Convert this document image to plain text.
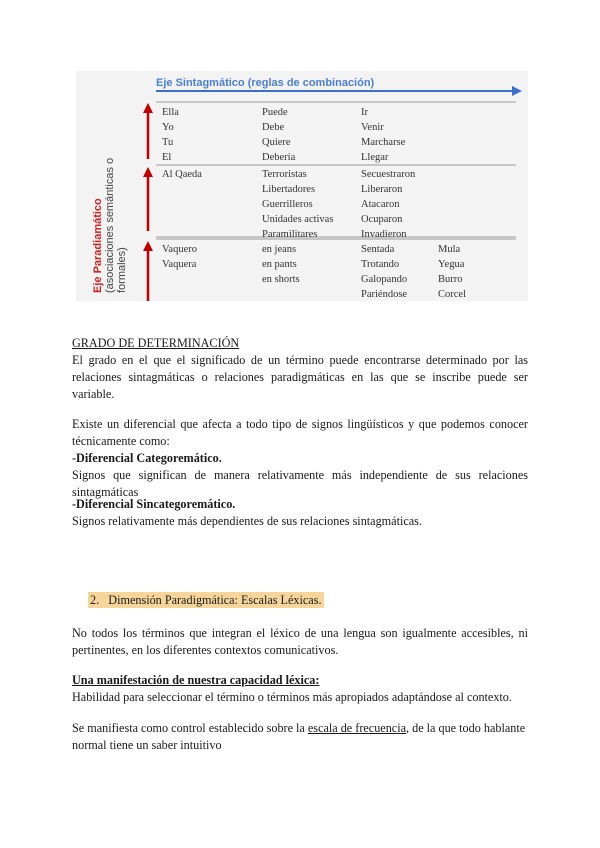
Eje Sintagmático (reglas de combinación)
Eje Paradiamático (asociaciones semánticas o formales)
Ella
Yo
Tu
El
Puede
Debe
Quiere
Debería
Ir
Venir
Marcharse
Llegar
Al Qaeda	Terroristas
Libertadores
Guerrilleros
Unidades activas
Paramilitares
Secuestraron
Liberaron
Atacaron
Ocuparon
Invadieron
Vaquero
Vaquera
en jeans
en pants
en shorts
Sentada
Trotando
Galopando
Pariéndose
Mula
Yegua
Burro
Corcel
GRADO DE DETERMINACIÓN
El grado en el que el significado de un término puede encontrarse determinado por las relaciones sintagmáticas o relaciones paradigmáticas en las que se inscribe puede ser variable.
Existe un diferencial que afecta a todo tipo de signos lingüísticos y que podemos conocer técnicamente como:
-Diferencial Categoremático.
Signos que significan de manera relativamente más independiente de sus relaciones sintagmáticas
-Diferencial Sincategoremático.
Signos relativamente más dependientes de sus relaciones sintagmáticas.
2. Dimensión Paradigmática: Escalas Léxicas.
No todos los términos que integran el léxico de una lengua son igualmente accesibles, ni pertinentes, en los diferentes contextos comunicativos.
Una manifestación de nuestra capacidad léxica:
Habilidad para seleccionar el término o términos más apropiados adaptándose al contexto.
Se manifiesta como control establecido sobre la escala de frecuencia, de la que todo hablante normal tiene un saber intuitivo
